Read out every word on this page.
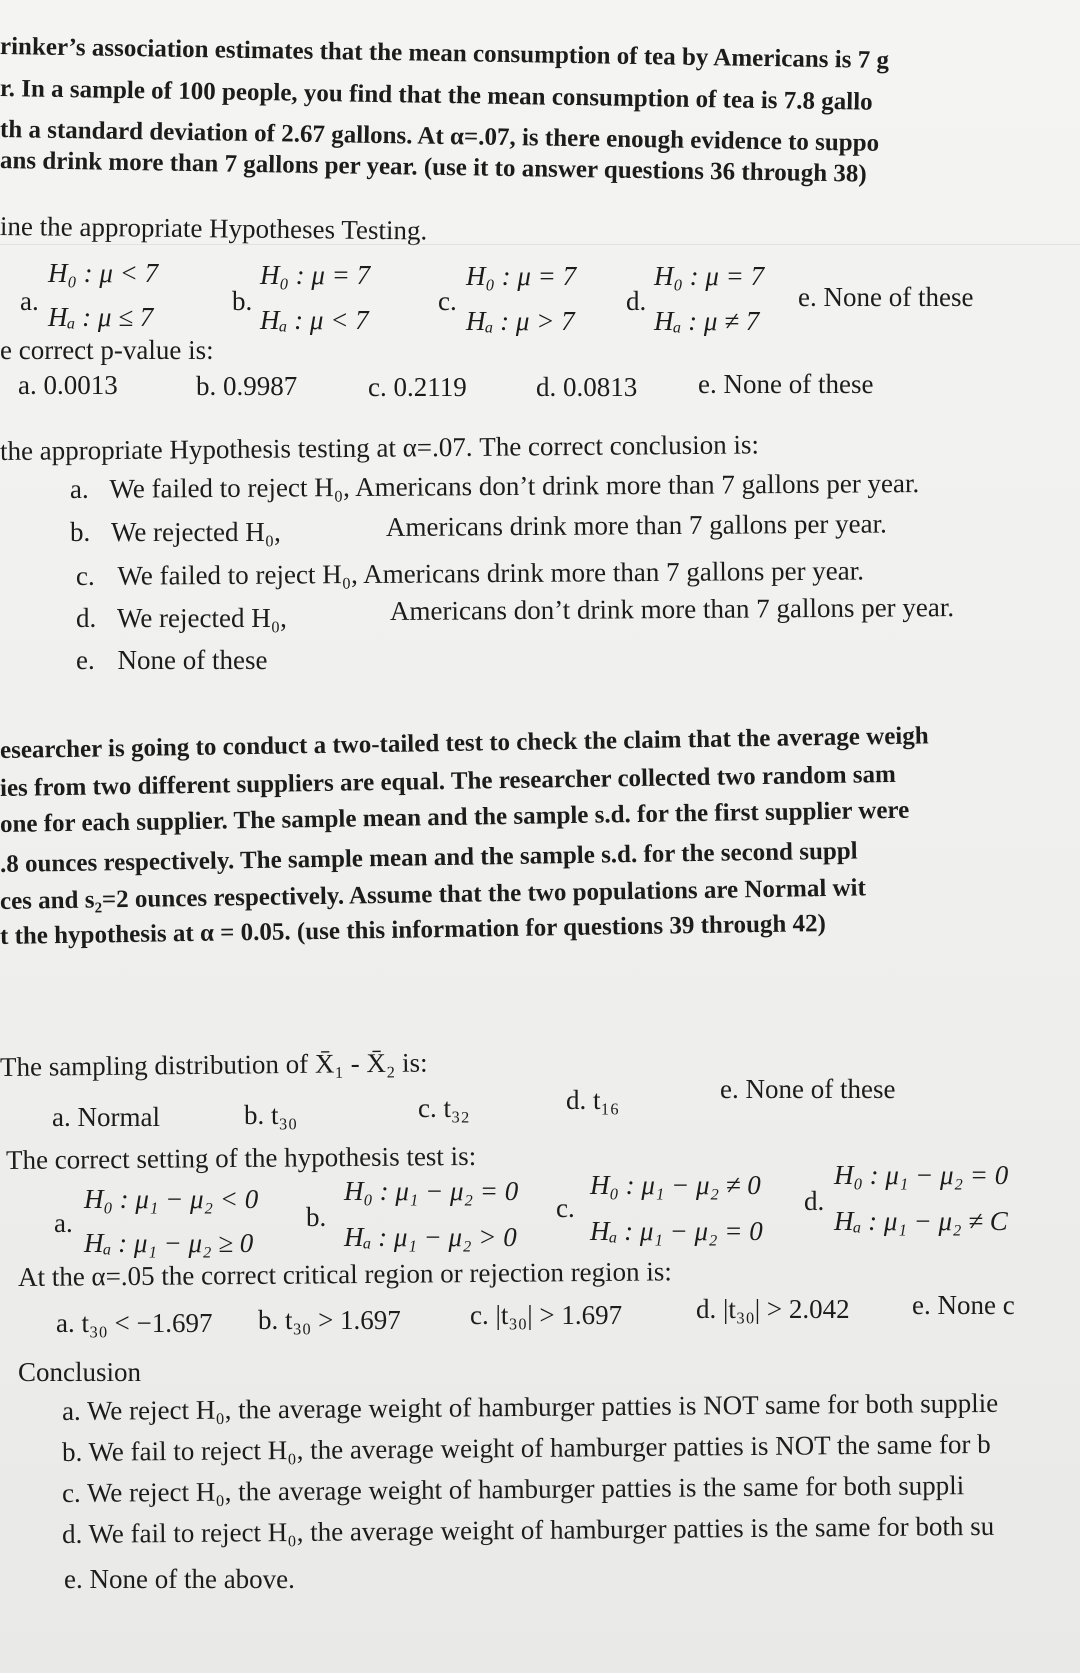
rinker’s association estimates that the mean consumption of tea by Americans is 7 g
r. In a sample of 100 people, you find that the mean consumption of tea is 7.8 gallo
th a standard deviation of 2.67 gallons. At α=.07, is there enough evidence to suppo
ans drink more than 7 gallons per year. (use it to answer questions 36 through 38)
ine the appropriate Hypotheses Testing.
a.
H₀ : μ < 7
Hₐ : μ ≤ 7
b.
H₀ : μ = 7
Hₐ : μ < 7
c.
H₀ : μ = 7
Hₐ : μ > 7
d.
H₀ : μ = 7
Hₐ : μ ≠ 7
e. None of these
e correct p-value is:
a. 0.0013	b. 0.9987	c. 0.2119	d. 0.0813 e. None of these
the appropriate Hypothesis testing at α=.07. The correct conclusion is:
a. We failed to reject H₀, Americans don’t drink more than 7 gallons per year.
b. We rejected H₀,	Americans drink more than 7 gallons per year.
c. We failed to reject H₀, Americans drink more than 7 gallons per year.
d. We rejected H₀,	Americans don’t drink more than 7 gallons per year.
e. None of these
esearcher is going to conduct a two-tailed test to check the claim that the average weigh
ies from two different suppliers are equal. The researcher collected two random sam
one for each supplier. The sample mean and the sample s.d. for the first supplier were
.8 ounces respectively. The sample mean and the sample s.d. for the second suppl
ces and s₂=2 ounces respectively. Assume that the two populations are Normal wit
t the hypothesis at α = 0.05. (use this information for questions 39 through 42)
The sampling distribution of X̄₁ - X̄₂ is:
a. Normal	b. t₃₀	c. t₃₂	d. t₁₆	e. None of these
The correct setting of the hypothesis test is:
a.
H₀ : μ₁ − μ₂ < 0
Hₐ : μ₁ − μ₂ ≥ 0
b.
H₀ : μ₁ − μ₂ = 0
Hₐ : μ₁ − μ₂ > 0
c.
H₀ : μ₁ − μ₂ ≠ 0
Hₐ : μ₁ − μ₂ = 0
d.
H₀ : μ₁ − μ₂ = 0
Hₐ : μ₁ − μ₂ ≠ C
At the α=.05 the correct critical region or rejection region is:
a. t₃₀ < −1.697 b. t₃₀ > 1.697	c. |t₃₀| > 1.697	d. |t₃₀| > 2.042 e. None c
Conclusion
a. We reject H₀, the average weight of hamburger patties is NOT same for both supplie
b. We fail to reject H₀, the average weight of hamburger patties is NOT the same for b
c. We reject H₀, the average weight of hamburger patties is the same for both suppli
d. We fail to reject H₀, the average weight of hamburger patties is the same for both su
e. None of the above.
